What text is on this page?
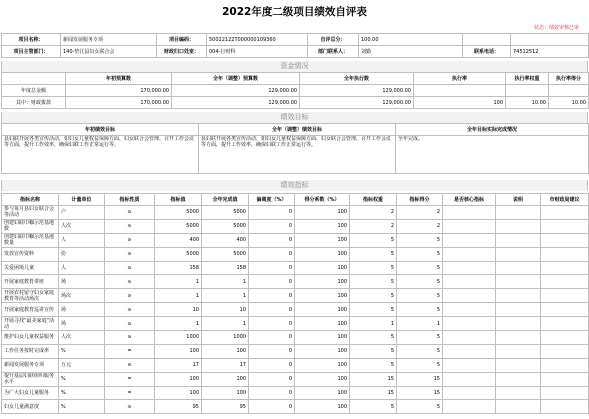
2022年度二级项目绩效自评表
状态：绩效审核已审
项目名称：	新闻发展服务专项	项目编码：	50022122T000000109360	自评总分：	100.00		
项目主管部门：	140-垫江县妇女联合会	财政归口处室：	004-行财科	部门联系人：	刘勤	联系电话：	74512512
资金情况
	年初预算数	全年（调整）预算数	全年执行数	执行率	执行率权重	执行率得分
年度总金额	170,000.00	129,000.00	129,000.00			
其中：财政拨款	170,000.00	129,000.00	129,000.00	100	10.00	10.00
绩效目标
年初绩效目标	全年（调整）绩效目标	全年目标实际完成情况
县妇联开展各类宣传活动，如妇女儿童权益保障方面、妇女联合会管理、召开工作会议等方面，提升工作效率，确保妇联工作正常运行等。	县妇联开展各类宣传活动，如妇女儿童权益保障方面、妇女联合会管理、召开工作会议等方面，提升工作效率，确保妇联工作正常运行等。	全年完成。
绩效指标
指标名称	计量单位	指标性质	指标值	全年完成值	偏离度（%）	得分系数（%）	指标权重	指标得分	是否核心指标	说明	市财政局建议
参与每月县妇女联合会等活动	户	≥	5000	5000	0	100	2	2			
创建妇联巾帼示范基地数	人次	≥	5000	5000	0	100	2	2			
创建妇联巾帼示范基地数量	人	≥	400	400	0	100	5	5			
发放宣传资料	份	≥	5000	5000	0	100	5	5			
关爱困境儿童	人	≥	158	158	0	100	5	5			
开展家庭教育讲座	场	≥	1	1	0	100	5	5			
开展农村留守妇女家庭教育等活动场次	场次	≥	1	1	0	100	5	5			
开展家庭教育巡讲宣传	场	≥	10	10	0	100	5	5			
开展寻找“最美家庭”活动	场	≥	1	1	0	100	1	1			
维护妇女儿童权益服务	人次	≥	1000	1000	0	100	5	5			
工作任务按时完成率	%	=	100	100	0	100	5	5			
新闻发展服务专项	万元	≤	17	17	0	100	5	5			
提升基层妇联组织服务水平	%	=	100	100	0	100	15	15			
为广大妇女儿童服务	%	=	100	100	0	100	15	15			
妇女儿童满意度	%	≥	95	95	0	100	5	5			
